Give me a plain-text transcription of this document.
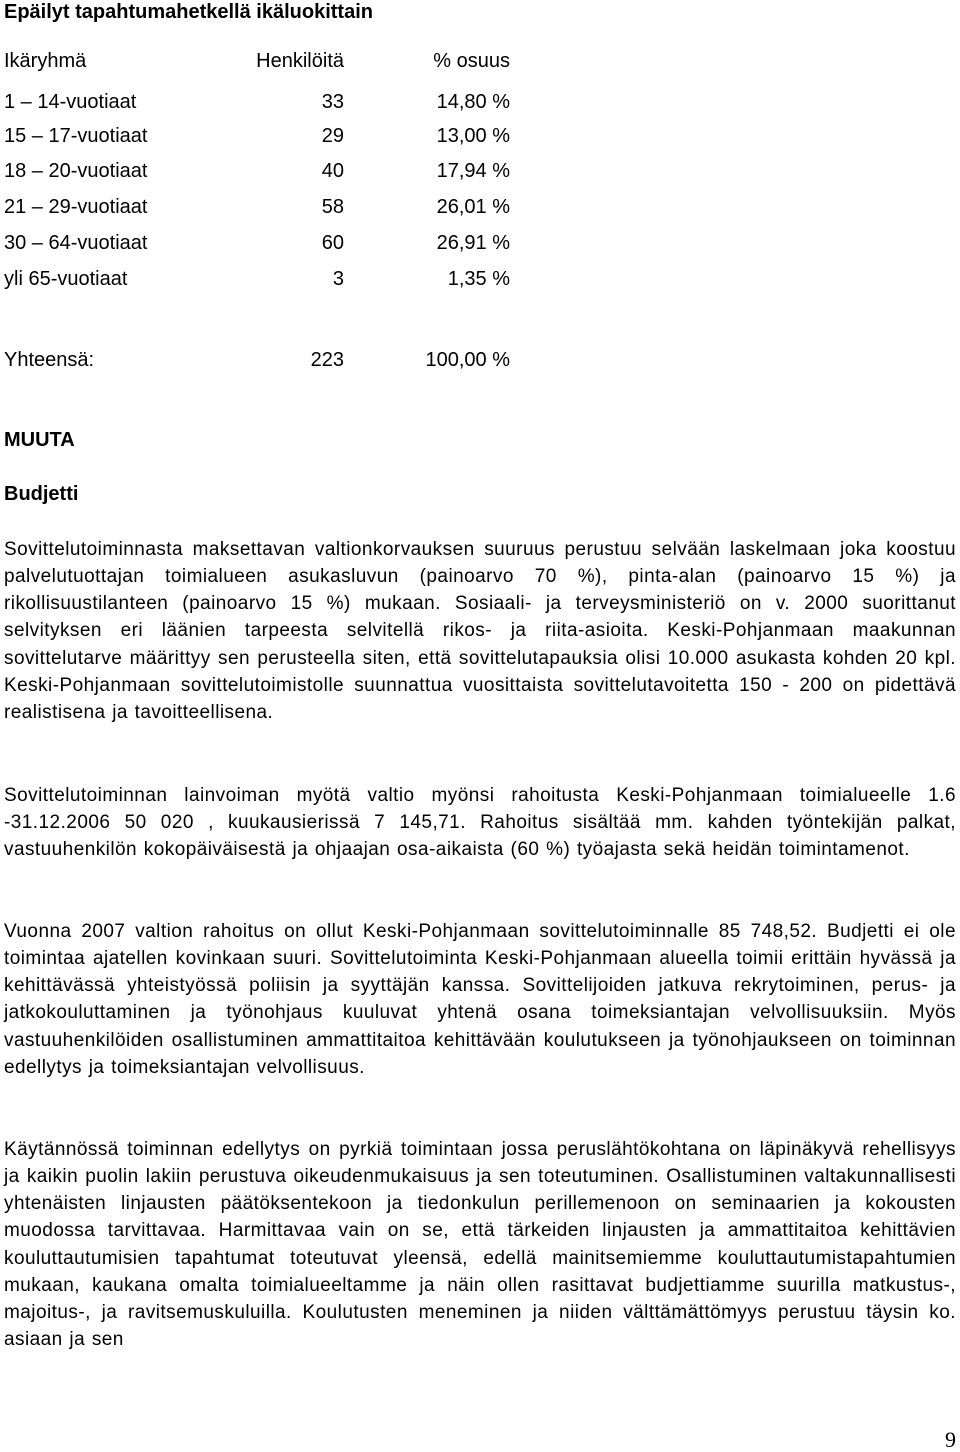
Epäilyt tapahtumahetkellä ikäluokittain
Ikäryhmä	Henkilöitä	% osuus
1 – 14-vuotiaat	33	14,80 %
15 – 17-vuotiaat	29	13,00 %
18 – 20-vuotiaat	40	17,94 %
21 – 29-vuotiaat	58	26,01 %
30 – 64-vuotiaat	60	26,91 %
yli 65-vuotiaat	3	1,35 %
Yhteensä:	223	100,00 %
MUUTA
Budjetti

Sovittelutoiminnasta maksettavan valtionkorvauksen suuruus perustuu selvään laskelmaan joka koostuu palvelutuottajan toimialueen asukasluvun (painoarvo 70 %), pinta-alan (painoarvo 15 %) ja rikollisuustilanteen (painoarvo 15 %) mukaan. Sosiaali- ja terveysministeriö on v. 2000 suorittanut selvityksen eri läänien tarpeesta selvitellä rikos- ja riita-asioita. Keski-Pohjanmaan maakunnan sovittelutarve määrittyy sen perusteella siten, että sovittelutapauksia olisi 10.000 asukasta kohden 20 kpl. Keski-Pohjanmaan sovittelutoimistolle suunnattua vuosittaista sovittelutavoitetta 150 - 200 on pidettävä realistisena ja tavoitteellisena.

Sovittelutoiminnan lainvoiman myötä valtio myönsi rahoitusta Keski-Pohjanmaan toimialueelle 1.6 -31.12.2006 50 020 , kuukausierissä 7 145,71. Rahoitus sisältää mm. kahden työntekijän palkat, vastuuhenkilön kokopäiväisestä ja ohjaajan osa-aikaista (60 %) työajasta sekä heidän toimintamenot.

Vuonna 2007 valtion rahoitus on ollut Keski-Pohjanmaan sovittelutoiminnalle 85 748,52. Budjetti ei ole toimintaa ajatellen kovinkaan suuri. Sovittelutoiminta Keski-Pohjanmaan alueella toimii erittäin hyvässä ja kehittävässä yhteistyössä poliisin ja syyttäjän kanssa. Sovittelijoiden jatkuva rekrytoiminen, perus- ja jatkokouluttaminen ja työnohjaus kuuluvat yhtenä osana toimeksiantajan velvollisuuksiin. Myös vastuuhenkilöiden osallistuminen ammattitaitoa kehittävään koulutukseen ja työnohjaukseen on toiminnan edellytys ja toimeksiantajan velvollisuus.

Käytännössä toiminnan edellytys on pyrkiä toimintaan jossa peruslähtökohtana on läpinäkyvä rehellisyys ja kaikin puolin lakiin perustuva oikeudenmukaisuus ja sen toteutuminen. Osallistuminen valtakunnallisesti yhtenäisten linjausten päätöksentekoon ja tiedonkulun perillemenoon on seminaarien ja kokousten muodossa tarvittavaa. Harmittavaa vain on se, että tärkeiden linjausten ja ammattitaitoa kehittävien kouluttautumisien tapahtumat toteutuvat yleensä, edellä mainitsemiemme kouluttautumistapahtumien mukaan, kaukana omalta toimialueeltamme ja näin ollen rasittavat budjettiamme suurilla matkustus-, majoitus-, ja ravitsemuskuluilla. Koulutusten meneminen ja niiden välttämättömyys perustuu täysin ko. asiaan ja sen

9
